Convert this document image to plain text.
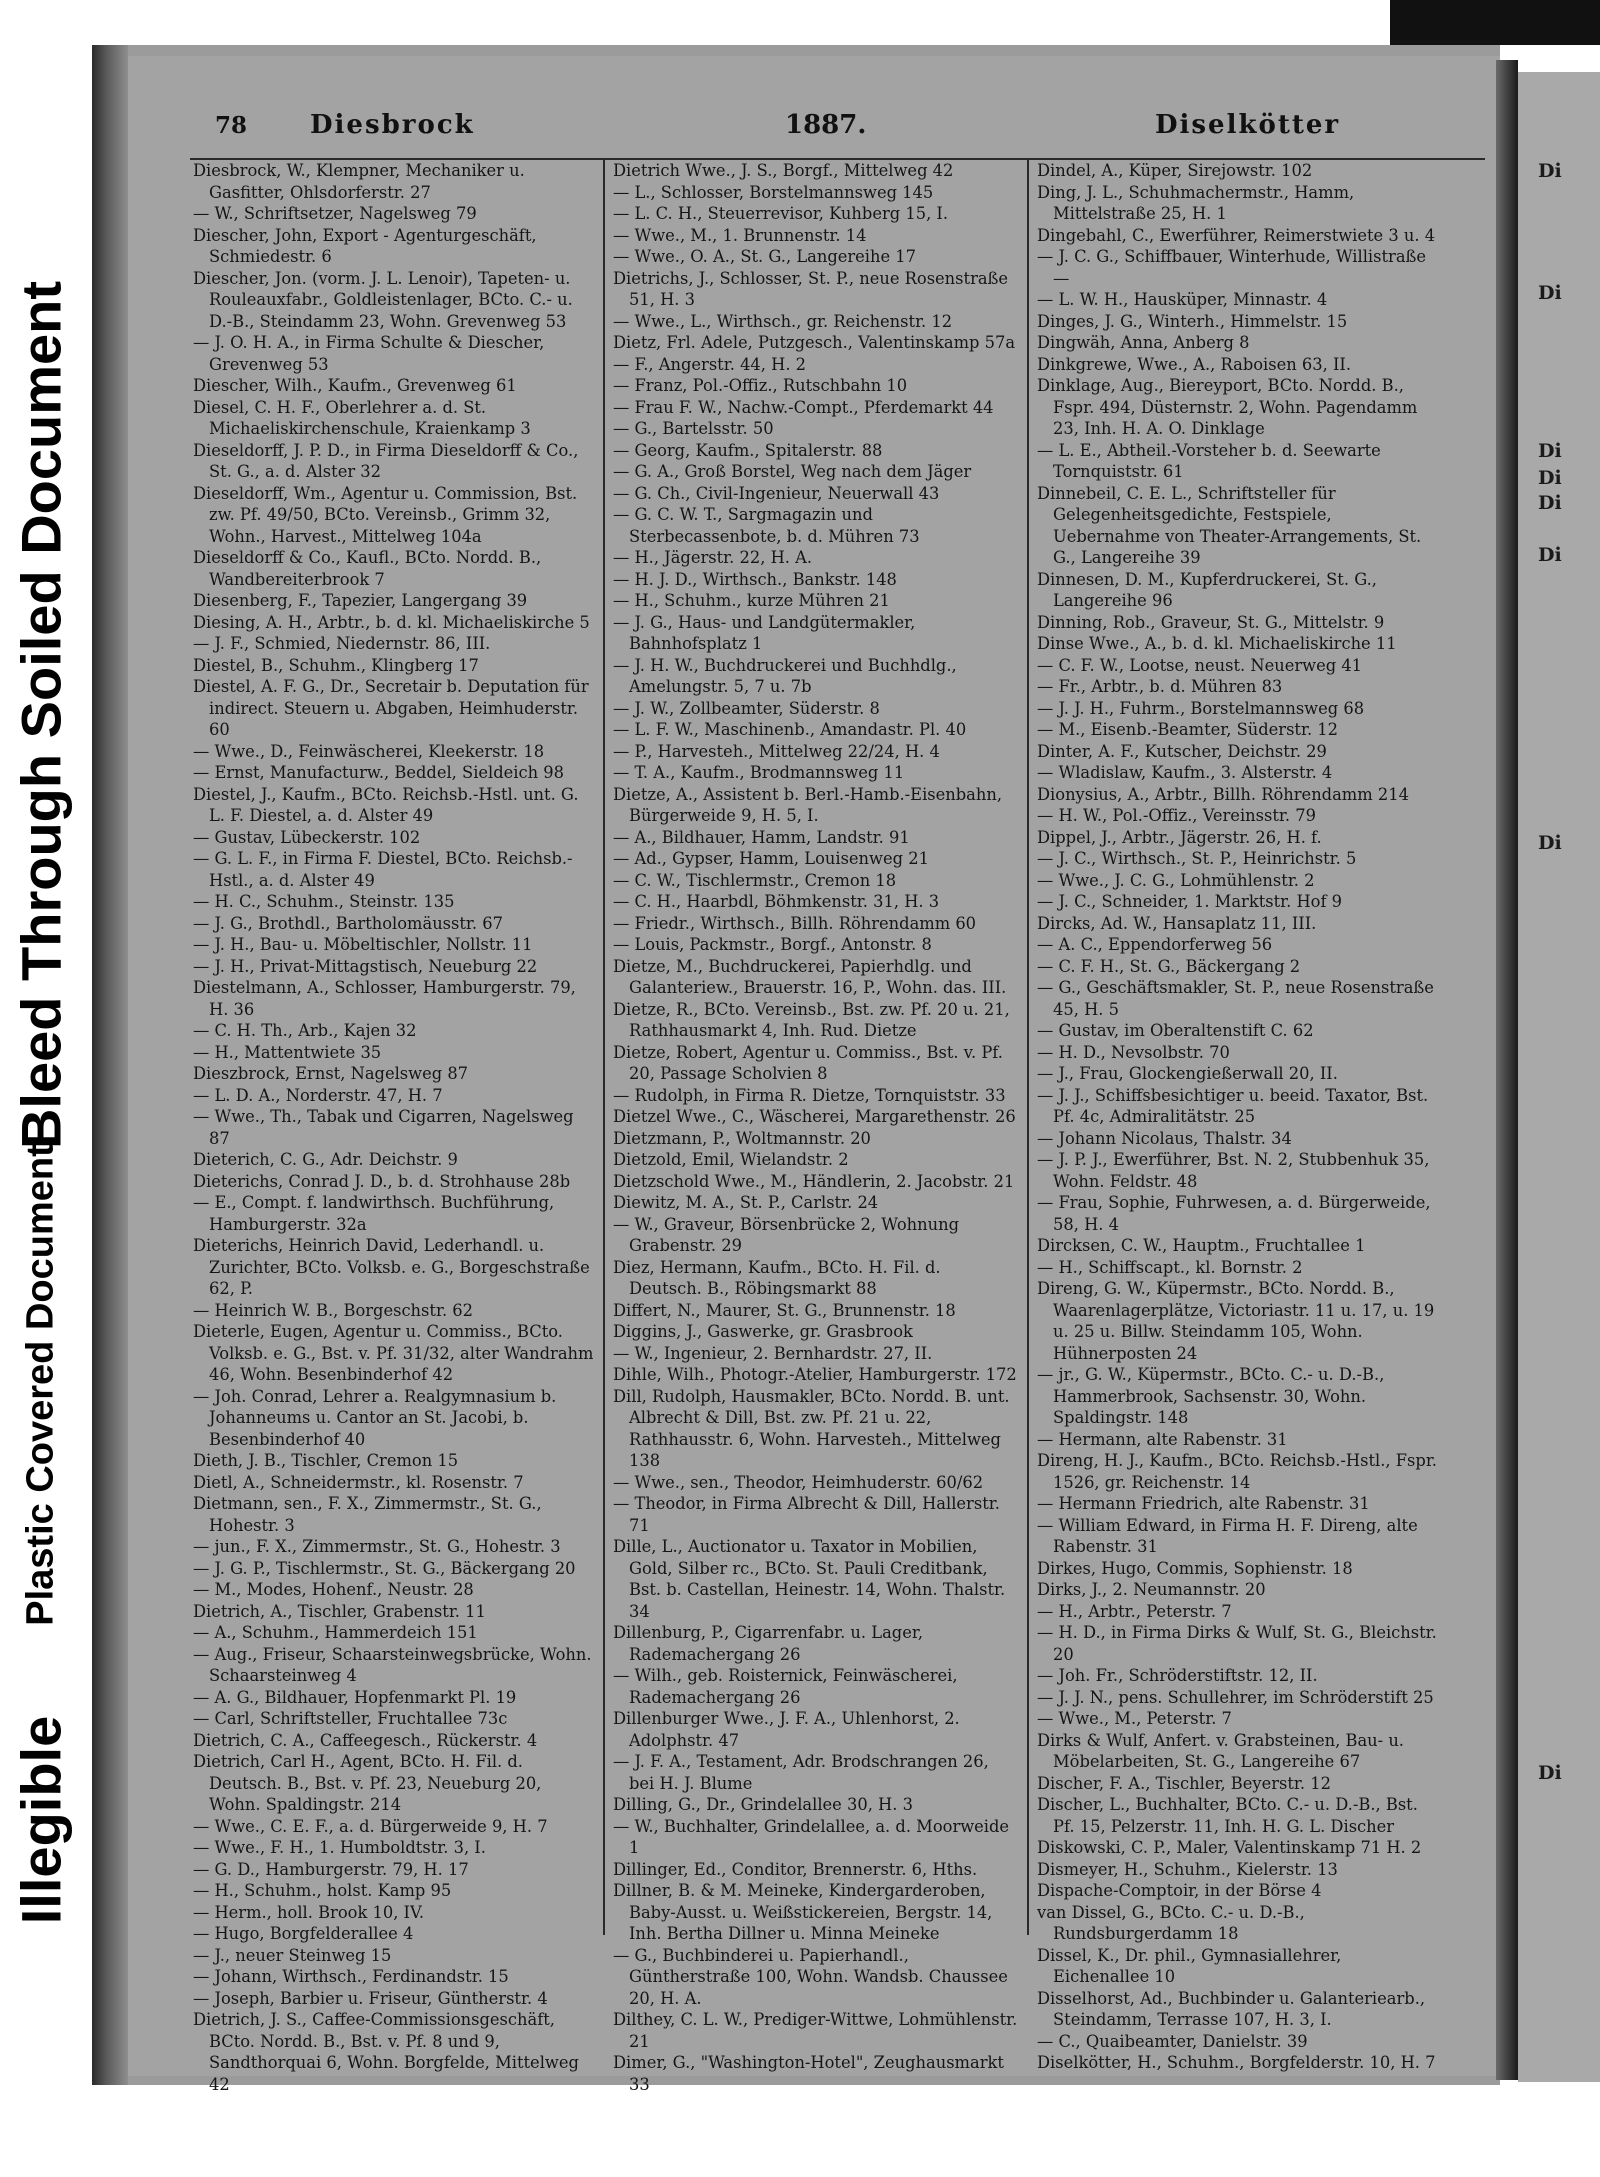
Illegible
Plastic Covered Document
Bleed Through Soiled Document
Di
Di
Di
Di
Di
Di
Di
Di
78 Diesbrock	1887.	Diselkötter

Diesbrock, W., Klempner, Mechaniker u. Gasfitter, Ohlsdorferstr. 27

— W., Schriftsetzer, Nagelsweg 79

Diescher, John, Export - Agenturgeschäft, Schmiedestr. 6

Diescher, Jon. (vorm. J. L. Lenoir), Tapeten- u. Rouleauxfabr., Goldleistenlager, BCto. C.- u. D.-B., Steindamm 23, Wohn. Grevenweg 53

— J. O. H. A., in Firma Schulte & Diescher, Grevenweg 53

Diescher, Wilh., Kaufm., Grevenweg 61

Diesel, C. H. F., Oberlehrer a. d. St. Michaeliskirchenschule, Kraienkamp 3

Dieseldorff, J. P. D., in Firma Dieseldorff & Co., St. G., a. d. Alster 32

Dieseldorff, Wm., Agentur u. Commission, Bst. zw. Pf. 49/50, BCto. Vereinsb., Grimm 32, Wohn., Harvest., Mittelweg 104a

Dieseldorff & Co., Kaufl., BCto. Nordd. B., Wandbereiterbrook 7

Diesenberg, F., Tapezier, Langergang 39

Diesing, A. H., Arbtr., b. d. kl. Michaeliskirche 5

— J. F., Schmied, Niedernstr. 86, III.

Diestel, B., Schuhm., Klingberg 17

Diestel, A. F. G., Dr., Secretair b. Deputation für indirect. Steuern u. Abgaben, Heimhuderstr. 60

— Wwe., D., Feinwäscherei, Kleekerstr. 18

— Ernst, Manufacturw., Beddel, Sieldeich 98

Diestel, J., Kaufm., BCto. Reichsb.-Hstl. unt. G. L. F. Diestel, a. d. Alster 49

— Gustav, Lübeckerstr. 102

— G. L. F., in Firma F. Diestel, BCto. Reichsb.-Hstl., a. d. Alster 49

— H. C., Schuhm., Steinstr. 135

— J. G., Brothdl., Bartholomäusstr. 67

— J. H., Bau- u. Möbeltischler, Nollstr. 11

— J. H., Privat-Mittagstisch, Neueburg 22

Diestelmann, A., Schlosser, Hamburgerstr. 79, H. 36

— C. H. Th., Arb., Kajen 32

— H., Mattentwiete 35

Dieszbrock, Ernst, Nagelsweg 87

— L. D. A., Norderstr. 47, H. 7

— Wwe., Th., Tabak und Cigarren, Nagelsweg 87

Dieterich, C. G., Adr. Deichstr. 9

Dieterichs, Conrad J. D., b. d. Strohhause 28b

— E., Compt. f. landwirthsch. Buchführung, Hamburgerstr. 32a

Dieterichs, Heinrich David, Lederhandl. u. Zurichter, BCto. Volksb. e. G., Borgeschstraße 62, P.

— Heinrich W. B., Borgeschstr. 62

Dieterle, Eugen, Agentur u. Commiss., BCto. Volksb. e. G., Bst. v. Pf. 31/32, alter Wandrahm 46, Wohn. Besenbinderhof 42

— Joh. Conrad, Lehrer a. Realgymnasium b. Johanneums u. Cantor an St. Jacobi, b. Besenbinderhof 40

Dieth, J. B., Tischler, Cremon 15

Dietl, A., Schneidermstr., kl. Rosenstr. 7

Dietmann, sen., F. X., Zimmermstr., St. G., Hohestr. 3

— jun., F. X., Zimmermstr., St. G., Hohestr. 3

— J. G. P., Tischlermstr., St. G., Bäckergang 20

— M., Modes, Hohenf., Neustr. 28

Dietrich, A., Tischler, Grabenstr. 11

— A., Schuhm., Hammerdeich 151

— Aug., Friseur, Schaarsteinwegsbrücke, Wohn. Schaarsteinweg 4

— A. G., Bildhauer, Hopfenmarkt Pl. 19

— Carl, Schriftsteller, Fruchtallee 73c

Dietrich, C. A., Caffeegesch., Rückerstr. 4

Dietrich, Carl H., Agent, BCto. H. Fil. d. Deutsch. B., Bst. v. Pf. 23, Neueburg 20, Wohn. Spaldingstr. 214

— Wwe., C. E. F., a. d. Bürgerweide 9, H. 7

— Wwe., F. H., 1. Humboldtstr. 3, I.

— G. D., Hamburgerstr. 79, H. 17

— H., Schuhm., holst. Kamp 95

— Herm., holl. Brook 10, IV.

— Hugo, Borgfelderallee 4

— J., neuer Steinweg 15

— Johann, Wirthsch., Ferdinandstr. 15

— Joseph, Barbier u. Friseur, Güntherstr. 4

Dietrich, J. S., Caffee-Commissionsgeschäft, BCto. Nordd. B., Bst. v. Pf. 8 und 9, Sandthorquai 6, Wohn. Borgfelde, Mittelweg 42

Dietrich Wwe., J. S., Borgf., Mittelweg 42

— L., Schlosser, Borstelmannsweg 145

— L. C. H., Steuerrevisor, Kuhberg 15, I.

— Wwe., M., 1. Brunnenstr. 14

— Wwe., O. A., St. G., Langereihe 17

Dietrichs, J., Schlosser, St. P., neue Rosenstraße 51, H. 3

— Wwe., L., Wirthsch., gr. Reichenstr. 12

Dietz, Frl. Adele, Putzgesch., Valentinskamp 57a

— F., Angerstr. 44, H. 2

— Franz, Pol.-Offiz., Rutschbahn 10

— Frau F. W., Nachw.-Compt., Pferdemarkt 44

— G., Bartelsstr. 50

— Georg, Kaufm., Spitalerstr. 88

— G. A., Groß Borstel, Weg nach dem Jäger

— G. Ch., Civil-Ingenieur, Neuerwall 43

— G. C. W. T., Sargmagazin und Sterbecassenbote, b. d. Mühren 73

— H., Jägerstr. 22, H. A.

— H. J. D., Wirthsch., Bankstr. 148

— H., Schuhm., kurze Mühren 21

— J. G., Haus- und Landgütermakler, Bahnhofsplatz 1

— J. H. W., Buchdruckerei und Buchhdlg., Amelungstr. 5, 7 u. 7b

— J. W., Zollbeamter, Süderstr. 8

— L. F. W., Maschinenb., Amandastr. Pl. 40

— P., Harvesteh., Mittelweg 22/24, H. 4

— T. A., Kaufm., Brodmannsweg 11

Dietze, A., Assistent b. Berl.-Hamb.-Eisenbahn, Bürgerweide 9, H. 5, I.

— A., Bildhauer, Hamm, Landstr. 91

— Ad., Gypser, Hamm, Louisenweg 21

— C. W., Tischlermstr., Cremon 18

— C. H., Haarbdl, Böhmkenstr. 31, H. 3

— Friedr., Wirthsch., Billh. Röhrendamm 60

— Louis, Packmstr., Borgf., Antonstr. 8

Dietze, M., Buchdruckerei, Papierhdlg. und Galanteriew., Brauerstr. 16, P., Wohn. das. III.

Dietze, R., BCto. Vereinsb., Bst. zw. Pf. 20 u. 21, Rathhausmarkt 4, Inh. Rud. Dietze

Dietze, Robert, Agentur u. Commiss., Bst. v. Pf. 20, Passage Scholvien 8

— Rudolph, in Firma R. Dietze, Tornquiststr. 33

Dietzel Wwe., C., Wäscherei, Margarethenstr. 26

Dietzmann, P., Woltmannstr. 20

Dietzold, Emil, Wielandstr. 2

Dietzschold Wwe., M., Händlerin, 2. Jacobstr. 21

Diewitz, M. A., St. P., Carlstr. 24

— W., Graveur, Börsenbrücke 2, Wohnung Grabenstr. 29

Diez, Hermann, Kaufm., BCto. H. Fil. d. Deutsch. B., Röbingsmarkt 88

Differt, N., Maurer, St. G., Brunnenstr. 18

Diggins, J., Gaswerke, gr. Grasbrook

— W., Ingenieur, 2. Bernhardstr. 27, II.

Dihle, Wilh., Photogr.-Atelier, Hamburgerstr. 172

Dill, Rudolph, Hausmakler, BCto. Nordd. B. unt. Albrecht & Dill, Bst. zw. Pf. 21 u. 22, Rathhausstr. 6, Wohn. Harvesteh., Mittelweg 138

— Wwe., sen., Theodor, Heimhuderstr. 60/62

— Theodor, in Firma Albrecht & Dill, Hallerstr. 71

Dille, L., Auctionator u. Taxator in Mobilien, Gold, Silber rc., BCto. St. Pauli Creditbank, Bst. b. Castellan, Heinestr. 14, Wohn. Thalstr. 34

Dillenburg, P., Cigarrenfabr. u. Lager, Rademachergang 26

— Wilh., geb. Roisternick, Feinwäscherei, Rademachergang 26

Dillenburger Wwe., J. F. A., Uhlenhorst, 2. Adolphstr. 47

— J. F. A., Testament, Adr. Brodschrangen 26, bei H. J. Blume

Dilling, G., Dr., Grindelallee 30, H. 3

— W., Buchhalter, Grindelallee, a. d. Moorweide 1

Dillinger, Ed., Conditor, Brennerstr. 6, Hths.

Dillner, B. & M. Meineke, Kindergarderoben, Baby-Ausst. u. Weißstickereien, Bergstr. 14, Inh. Bertha Dillner u. Minna Meineke

— G., Buchbinderei u. Papierhandl., Güntherstraße 100, Wohn. Wandsb. Chaussee 20, H. A.

Dilthey, C. L. W., Prediger-Wittwe, Lohmühlenstr. 21

Dimer, G., "Washington-Hotel", Zeughausmarkt 33

Dindel, A., Küper, Sirejowstr. 102

Ding, J. L., Schuhmachermstr., Hamm, Mittelstraße 25, H. 1

Dingebahl, C., Ewerführer, Reimerstwiete 3 u. 4

— J. C. G., Schiffbauer, Winterhude, Willistraße —

— L. W. H., Hausküper, Minnastr. 4

Dinges, J. G., Winterh., Himmelstr. 15

Dingwäh, Anna, Anberg 8

Dinkgrewe, Wwe., A., Raboisen 63, II.

Dinklage, Aug., Biereyport, BCto. Nordd. B., Fspr. 494, Düsternstr. 2, Wohn. Pagendamm 23, Inh. H. A. O. Dinklage

— L. E., Abtheil.-Vorsteher b. d. Seewarte Tornquiststr. 61

Dinnebeil, C. E. L., Schriftsteller für Gelegenheitsgedichte, Festspiele, Uebernahme von Theater-Arrangements, St. G., Langereihe 39

Dinnesen, D. M., Kupferdruckerei, St. G., Langereihe 96

Dinning, Rob., Graveur, St. G., Mittelstr. 9

Dinse Wwe., A., b. d. kl. Michaeliskirche 11

— C. F. W., Lootse, neust. Neuerweg 41

— Fr., Arbtr., b. d. Mühren 83

— J. J. H., Fuhrm., Borstelmannsweg 68

— M., Eisenb.-Beamter, Süderstr. 12

Dinter, A. F., Kutscher, Deichstr. 29

— Wladislaw, Kaufm., 3. Alsterstr. 4

Dionysius, A., Arbtr., Billh. Röhrendamm 214

— H. W., Pol.-Offiz., Vereinsstr. 79

Dippel, J., Arbtr., Jägerstr. 26, H. f.

— J. C., Wirthsch., St. P., Heinrichstr. 5

— Wwe., J. C. G., Lohmühlenstr. 2

— J. C., Schneider, 1. Marktstr. Hof 9

Dircks, Ad. W., Hansaplatz 11, III.

— A. C., Eppendorferweg 56

— C. F. H., St. G., Bäckergang 2

— G., Geschäftsmakler, St. P., neue Rosenstraße 45, H. 5

— Gustav, im Oberaltenstift C. 62

— H. D., Nevsolbstr. 70

— J., Frau, Glockengießerwall 20, II.

— J. J., Schiffsbesichtiger u. beeid. Taxator, Bst. Pf. 4c, Admiralitätstr. 25

— Johann Nicolaus, Thalstr. 34

— J. P. J., Ewerführer, Bst. N. 2, Stubbenhuk 35, Wohn. Feldstr. 48

— Frau, Sophie, Fuhrwesen, a. d. Bürgerweide, 58, H. 4

Dircksen, C. W., Hauptm., Fruchtallee 1

— H., Schiffscapt., kl. Bornstr. 2

Direng, G. W., Küpermstr., BCto. Nordd. B., Waarenlagerplätze, Victoriastr. 11 u. 17, u. 19 u. 25 u. Billw. Steindamm 105, Wohn. Hühnerposten 24

— jr., G. W., Küpermstr., BCto. C.- u. D.-B., Hammerbrook, Sachsenstr. 30, Wohn. Spaldingstr. 148

— Hermann, alte Rabenstr. 31

Direng, H. J., Kaufm., BCto. Reichsb.-Hstl., Fspr. 1526, gr. Reichenstr. 14

— Hermann Friedrich, alte Rabenstr. 31

— William Edward, in Firma H. F. Direng, alte Rabenstr. 31

Dirkes, Hugo, Commis, Sophienstr. 18

Dirks, J., 2. Neumannstr. 20

— H., Arbtr., Peterstr. 7

— H. D., in Firma Dirks & Wulf, St. G., Bleichstr. 20

— Joh. Fr., Schröderstiftstr. 12, II.

— J. J. N., pens. Schullehrer, im Schröderstift 25

— Wwe., M., Peterstr. 7

Dirks & Wulf, Anfert. v. Grabsteinen, Bau- u. Möbelarbeiten, St. G., Langereihe 67

Discher, F. A., Tischler, Beyerstr. 12

Discher, L., Buchhalter, BCto. C.- u. D.-B., Bst. Pf. 15, Pelzerstr. 11, Inh. H. G. L. Discher

Diskowski, C. P., Maler, Valentinskamp 71 H. 2

Dismeyer, H., Schuhm., Kielerstr. 13

Dispache-Comptoir, in der Börse 4

van Dissel, G., BCto. C.- u. D.-B., Rundsburgerdamm 18

Dissel, K., Dr. phil., Gymnasiallehrer, Eichenallee 10

Disselhorst, Ad., Buchbinder u. Galanteriearb., Steindamm, Terrasse 107, H. 3, I.

— C., Quaibeamter, Danielstr. 39

Diselkötter, H., Schuhm., Borgfelderstr. 10, H. 7
